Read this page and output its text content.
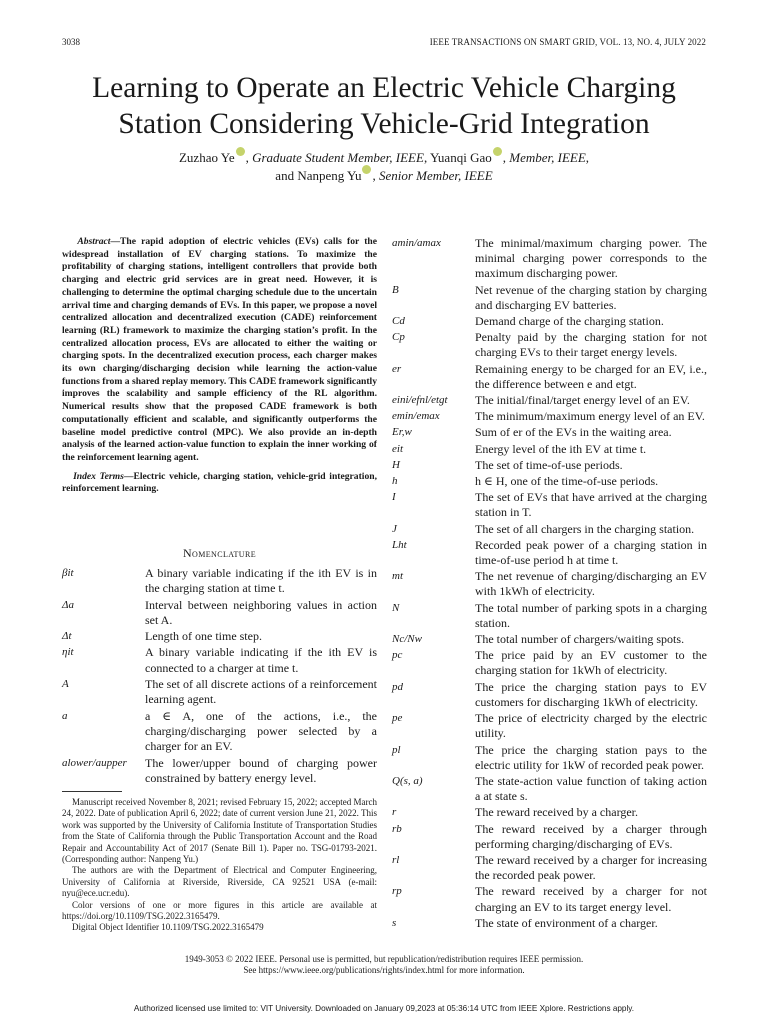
3038	IEEE TRANSACTIONS ON SMART GRID, VOL. 13, NO. 4, JULY 2022
Learning to Operate an Electric Vehicle Charging
Station Considering Vehicle-Grid Integration
Zuzhao Ye , Graduate Student Member, IEEE, Yuanqi Gao , Member, IEEE,
and Nanpeng Yu , Senior Member, IEEE

Abstract—The rapid adoption of electric vehicles (EVs) calls for the widespread installation of EV charging stations. To maximize the profitability of charging stations, intelligent controllers that provide both charging and electric grid services are in great need. However, it is challenging to determine the optimal charging schedule due to the uncertain arrival time and charging demands of EVs. In this paper, we propose a novel centralized allocation and decentralized execution (CADE) reinforcement learning (RL) framework to maximize the charging station’s profit. In the centralized allocation process, EVs are allocated to either the waiting or charging spots. In the decentralized execution process, each charger makes its own charging/discharging decision while learning the action-value functions from a shared replay memory. This CADE framework significantly improves the scalability and sample efficiency of the RL algorithm. Numerical results show that the proposed CADE framework is both computationally efficient and scalable, and significantly outperforms the baseline model predictive control (MPC). We also provide an in-depth analysis of the learned action-value function to explain the inner working of the reinforcement learning agent.

Index Terms—Electric vehicle, charging station, vehicle-grid integration, reinforcement learning.

Nomenclature
βit	A binary variable indicating if the ith EV is in the charging station at time t.
Δa	Interval between neighboring values in action set A.
Δt	Length of one time step.
ηit	A binary variable indicating if the ith EV is connected to a charger at time t.
A	The set of all discrete actions of a reinforcement learning agent.
a	a ∈ A, one of the actions, i.e., the charging/discharging power selected by a charger for an EV.
alower/aupper	The lower/upper bound of charging power constrained by battery energy level.
amin/amax	The minimal/maximum charging power. The minimal charging power corresponds to the maximum discharging power.
B	Net revenue of the charging station by charging and discharging EV batteries.
Cd	Demand charge of the charging station.
Cp	Penalty paid by the charging station for not charging EVs to their target energy levels.
er	Remaining energy to be charged for an EV, i.e., the difference between e and etgt.
eini/efnl/etgt	The initial/final/target energy level of an EV.
emin/emax	The minimum/maximum energy level of an EV.
Er,w	Sum of er of the EVs in the waiting area.
eit	Energy level of the ith EV at time t.
H	The set of time-of-use periods.
h	h ∈ H, one of the time-of-use periods.
I	The set of EVs that have arrived at the charging station in T.
J	The set of all chargers in the charging station.
Lht	Recorded peak power of a charging station in time-of-use period h at time t.
mt	The net revenue of charging/discharging an EV with 1kWh of electricity.
N	The total number of parking spots in a charging station.
Nc/Nw	The total number of chargers/waiting spots.
pc	The price paid by an EV customer to the charging station for 1kWh of electricity.
pd	The price the charging station pays to EV customers for discharging 1kWh of electricity.
pe	The price of electricity charged by the electric utility.
pl	The price the charging station pays to the electric utility for 1kW of recorded peak power.
Q(s, a)	The state-action value function of taking action a at state s.
r	The reward received by a charger.
rb	The reward received by a charger through performing charging/discharging of EVs.
rl	The reward received by a charger for increasing the recorded peak power.
rp	The reward received by a charger for not charging an EV to its target energy level.
s	The state of environment of a charger.

Manuscript received November 8, 2021; revised February 15, 2022; accepted March 24, 2022. Date of publication April 6, 2022; date of current version June 21, 2022. This work was supported by the University of California Institute of Transportation Studies from the State of California through the Public Transportation Account and the Road Repair and Accountability Act of 2017 (Senate Bill 1). Paper no. TSG-01793-2021. (Corresponding author: Nanpeng Yu.)

The authors are with the Department of Electrical and Computer Engineering, University of California at Riverside, Riverside, CA 92521 USA (e-mail: nyu@ece.ucr.edu).

Color versions of one or more figures in this article are available at https://doi.org/10.1109/TSG.2022.3165479.

Digital Object Identifier 10.1109/TSG.2022.3165479

1949-3053 © 2022 IEEE. Personal use is permitted, but republication/redistribution requires IEEE permission.
See https://www.ieee.org/publications/rights/index.html for more information.
Authorized licensed use limited to: VIT University. Downloaded on January 09,2023 at 05:36:14 UTC from IEEE Xplore. Restrictions apply.
